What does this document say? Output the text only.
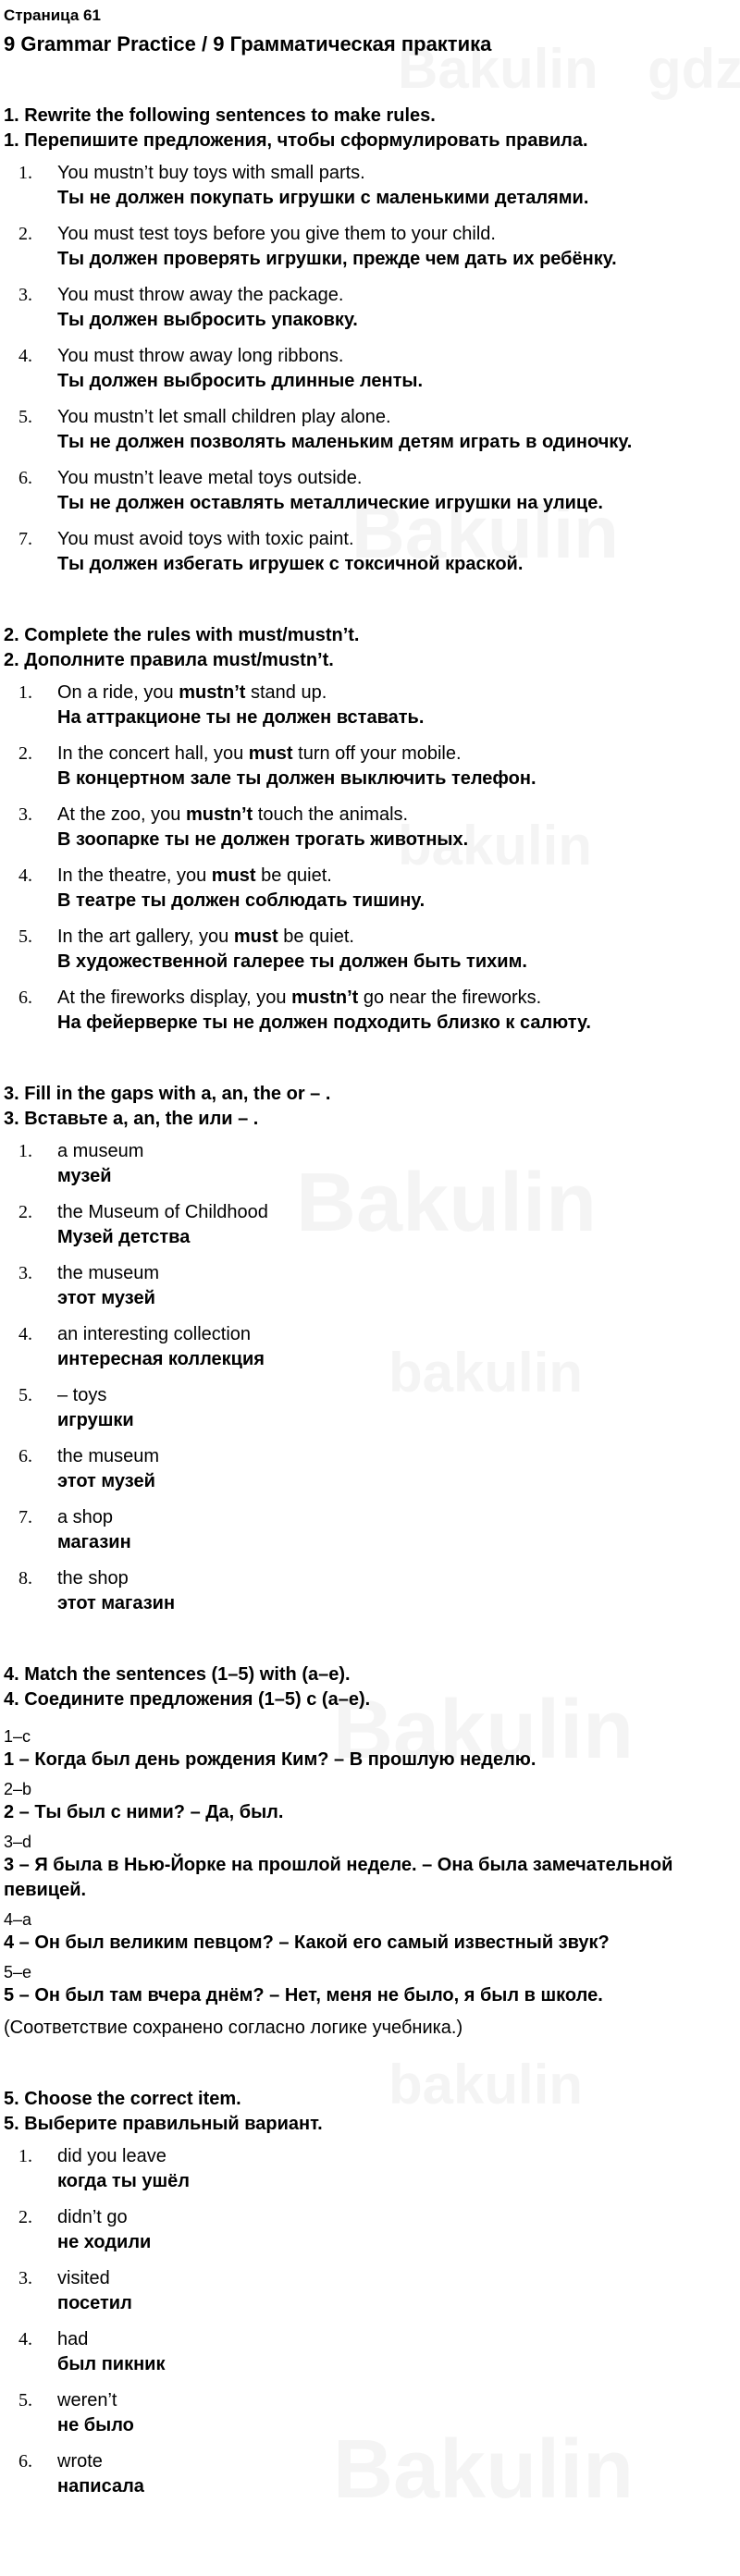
Страница 61
9 Grammar Practice / 9 Грамматическая практика
1. Rewrite the following sentences to make rules.
1. Перепишите предложения, чтобы сформулировать правила.
1.	You mustn’t buy toys with small parts.
Ты не должен покупать игрушки с маленькими деталями.
2.	You must test toys before you give them to your child.
Ты должен проверять игрушки, прежде чем дать их ребёнку.
3.	You must throw away the package.
Ты должен выбросить упаковку.
4.	You must throw away long ribbons.
Ты должен выбросить длинные ленты.
5.	You mustn’t let small children play alone.
Ты не должен позволять маленьким детям играть в одиночку.
6.	You mustn’t leave metal toys outside.
Ты не должен оставлять металлические игрушки на улице.
7.	You must avoid toys with toxic paint.
Ты должен избегать игрушек с токсичной краской.
2. Complete the rules with must/mustn’t.
2. Дополните правила must/mustn’t.
1.	On a ride, you mustn’t stand up.
На аттракционе ты не должен вставать.
2.	In the concert hall, you must turn off your mobile.
В концертном зале ты должен выключить телефон.
3.	At the zoo, you mustn’t touch the animals.
В зоопарке ты не должен трогать животных.
4.	In the theatre, you must be quiet.
В театре ты должен соблюдать тишину.
5.	In the art gallery, you must be quiet.
В художественной галерее ты должен быть тихим.
6.	At the fireworks display, you mustn’t go near the fireworks.
На фейерверке ты не должен подходить близко к салюту.
3. Fill in the gaps with a, an, the or – .
3. Вставьте a, an, the или – .
1.	a museum
музей
2.	the Museum of Childhood
Музей детства
3.	the museum
этот музей
4.	an interesting collection
интересная коллекция
5.	– toys
игрушки
6.	the museum
этот музей
7.	a shop
магазин
8.	the shop
этот магазин
4. Match the sentences (1–5) with (a–e).
4. Соедините предложения (1–5) с (a–e).
1–c
1 – Когда был день рождения Ким? – В прошлую неделю.
2–b
2 – Ты был с ними? – Да, был.
3–d
3 – Я была в Нью-Йорке на прошлой неделе. – Она была замечательной певицей.
4–a
4 – Он был великим певцом? – Какой его самый известный звук?
5–e
5 – Он был там вчера днём? – Нет, меня не было, я был в школе.
(Соответствие сохранено согласно логике учебника.)
5. Choose the correct item.
5. Выберите правильный вариант.
1.	did you leave
когда ты ушёл
2.	didn’t go
не ходили
3.	visited
посетил
4.	had
был пикник
5.	weren’t
не было
6.	wrote
написала
